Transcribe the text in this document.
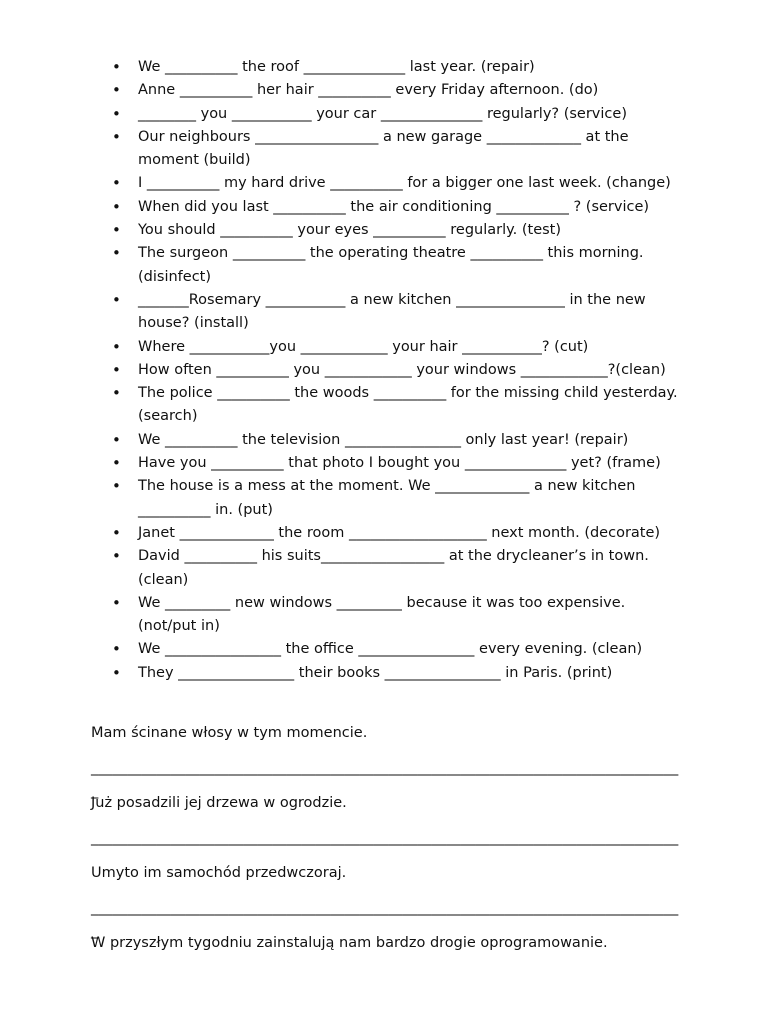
• We __________ the roof ______________ last year. (repair)
• Anne __________ her hair __________ every Friday afternoon. (do)
• ________ you ___________ your car ______________ regularly? (service)
• Our neighbours _________________ a new garage _____________ at the moment (build)
• I __________ my hard drive __________ for a bigger one last week. (change)
• When did you last __________ the air conditioning __________ ? (service)
• You should __________ your eyes __________ regularly. (test)
• The surgeon __________ the operating theatre __________ this morning. (disinfect)
• _______Rosemary ___________ a new kitchen _______________ in the new house? (install)
• Where ___________you ____________ your hair ___________? (cut)
• How often __________ you ____________ your windows ____________?(clean)
• The police __________ the woods __________ for the missing child yesterday. (search)
• We __________ the television ________________ only last year! (repair)
• Have you __________ that photo I bought you ______________ yet? (frame)
• The house is a mess at the moment. We _____________ a new kitchen __________ in. (put)
• Janet _____________ the room ___________________ next month. (decorate)
• David __________ his suits_________________ at the drycleaner’s in town. (clean)
• We _________ new windows _________ because it was too expensive. (not/put in)
• We ________________ the office ________________ every evening. (clean)
• They ________________ their books ________________ in Paris. (print)
Mam ścinane włosy w tym momencie.
__________________________________________________________________________________
Już posadzili jej drzewa w ogrodzie.
_________________________________________________________________________________
Umyto im samochód przedwczoraj.
__________________________________________________________________________________
W przyszłym tygodniu zainstalują nam bardzo drogie oprogramowanie.
